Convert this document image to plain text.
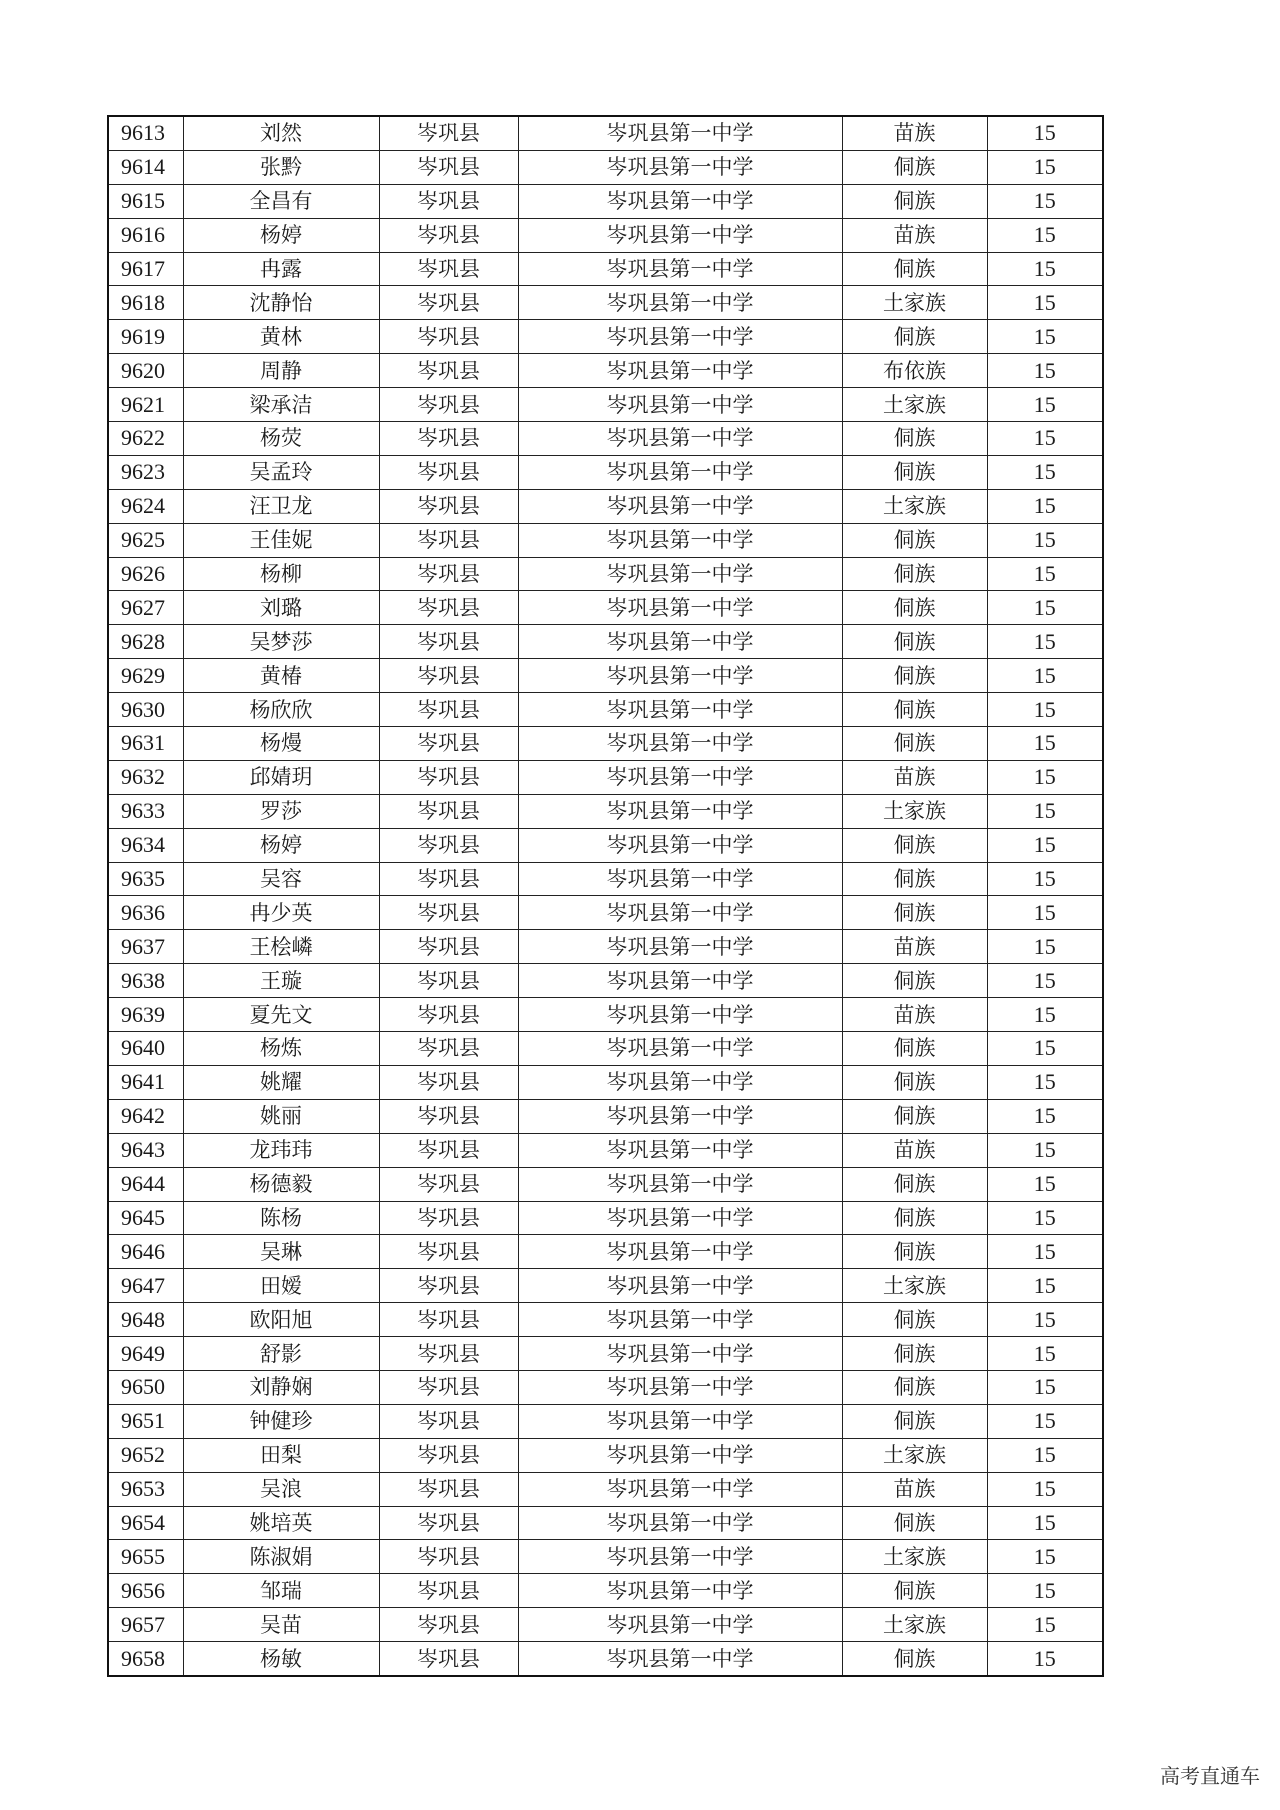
9613	刘然	岑巩县	岑巩县第一中学	苗族	15
9614	张黔	岑巩县	岑巩县第一中学	侗族	15
9615	全昌有	岑巩县	岑巩县第一中学	侗族	15
9616	杨婷	岑巩县	岑巩县第一中学	苗族	15
9617	冉露	岑巩县	岑巩县第一中学	侗族	15
9618	沈静怡	岑巩县	岑巩县第一中学	土家族	15
9619	黄林	岑巩县	岑巩县第一中学	侗族	15
9620	周静	岑巩县	岑巩县第一中学	布依族	15
9621	梁承洁	岑巩县	岑巩县第一中学	土家族	15
9622	杨荧	岑巩县	岑巩县第一中学	侗族	15
9623	吴孟玲	岑巩县	岑巩县第一中学	侗族	15
9624	汪卫龙	岑巩县	岑巩县第一中学	土家族	15
9625	王佳妮	岑巩县	岑巩县第一中学	侗族	15
9626	杨柳	岑巩县	岑巩县第一中学	侗族	15
9627	刘璐	岑巩县	岑巩县第一中学	侗族	15
9628	吴梦莎	岑巩县	岑巩县第一中学	侗族	15
9629	黄椿	岑巩县	岑巩县第一中学	侗族	15
9630	杨欣欣	岑巩县	岑巩县第一中学	侗族	15
9631	杨熳	岑巩县	岑巩县第一中学	侗族	15
9632	邱婧玥	岑巩县	岑巩县第一中学	苗族	15
9633	罗莎	岑巩县	岑巩县第一中学	土家族	15
9634	杨婷	岑巩县	岑巩县第一中学	侗族	15
9635	吴容	岑巩县	岑巩县第一中学	侗族	15
9636	冉少英	岑巩县	岑巩县第一中学	侗族	15
9637	王桧嶙	岑巩县	岑巩县第一中学	苗族	15
9638	王璇	岑巩县	岑巩县第一中学	侗族	15
9639	夏先文	岑巩县	岑巩县第一中学	苗族	15
9640	杨炼	岑巩县	岑巩县第一中学	侗族	15
9641	姚耀	岑巩县	岑巩县第一中学	侗族	15
9642	姚丽	岑巩县	岑巩县第一中学	侗族	15
9643	龙玮玮	岑巩县	岑巩县第一中学	苗族	15
9644	杨德毅	岑巩县	岑巩县第一中学	侗族	15
9645	陈杨	岑巩县	岑巩县第一中学	侗族	15
9646	吴琳	岑巩县	岑巩县第一中学	侗族	15
9647	田嫒	岑巩县	岑巩县第一中学	土家族	15
9648	欧阳旭	岑巩县	岑巩县第一中学	侗族	15
9649	舒影	岑巩县	岑巩县第一中学	侗族	15
9650	刘静娴	岑巩县	岑巩县第一中学	侗族	15
9651	钟健珍	岑巩县	岑巩县第一中学	侗族	15
9652	田梨	岑巩县	岑巩县第一中学	土家族	15
9653	吴浪	岑巩县	岑巩县第一中学	苗族	15
9654	姚培英	岑巩县	岑巩县第一中学	侗族	15
9655	陈淑娟	岑巩县	岑巩县第一中学	土家族	15
9656	邹瑞	岑巩县	岑巩县第一中学	侗族	15
9657	吴苗	岑巩县	岑巩县第一中学	土家族	15
9658	杨敏	岑巩县	岑巩县第一中学	侗族	15
高考直通车
